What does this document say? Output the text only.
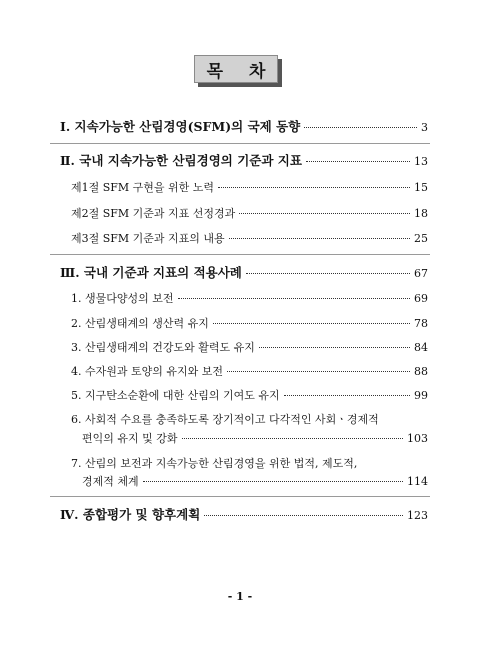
목 차
Ⅰ. 지속가능한 산림경영(SFM)의 국제 동향	3
Ⅱ. 국내 지속가능한 산림경영의 기준과 지표	13
제1절 SFM 구현을 위한 노력	15
제2절 SFM 기준과 지표 선정경과	18
제3절 SFM 기준과 지표의 내용	25
Ⅲ. 국내 기준과 지표의 적용사례	67
1. 생물다양성의 보전	69
2. 산림생태계의 생산력 유지	78
3. 산림생태계의 건강도와 활력도 유지	84
4. 수자원과 토양의 유지와 보전	88
5. 지구탄소순환에 대한 산림의 기여도 유지	99
6. 사회적 수요를 충족하도록 장기적이고 다각적인 사회ㆍ경제적
편익의 유지 및 강화	103
7. 산림의 보전과 지속가능한 산림경영을 위한 법적, 제도적,
경제적 체계	114
Ⅳ. 종합평가 및 향후계획	123
- 1 -
